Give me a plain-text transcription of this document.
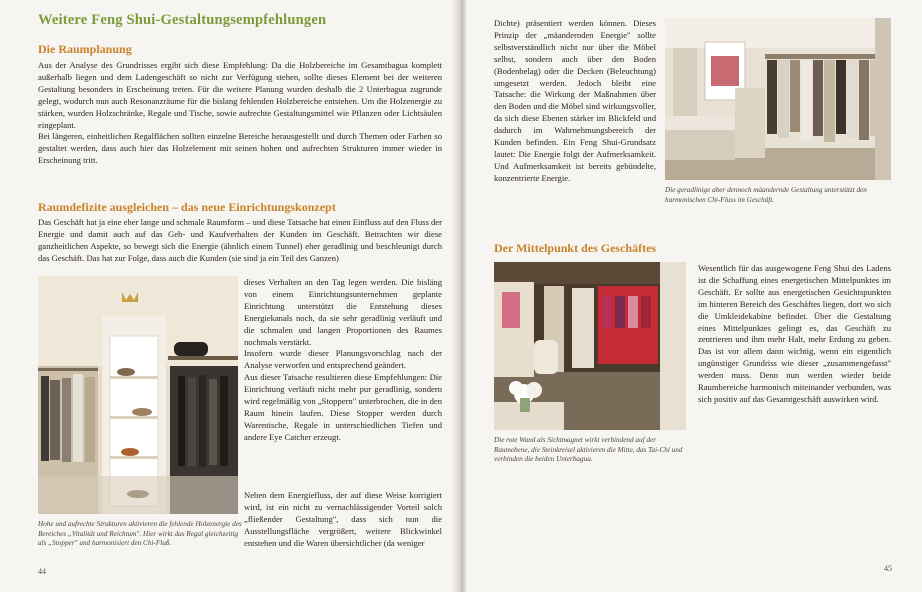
Weitere Feng Shui-Gestaltungsempfehlungen
Die Raumplanung

Aus der Analyse des Grundrisses ergibt sich diese Empfehlung: Da die Holzbereiche im Gesamtbagua komplett außerhalb liegen und dem Ladengeschäft so nicht zur Verfügung stehen, sollte dieses Element bei der weiteren Gestaltung besonders in Erscheinung treten. Für die weitere Planung wurden deshalb die 2 Unterbagua zugrunde gelegt, wodurch nun auch Resonanzräume für die bislang fehlenden Holzbereiche entstehen. Um die Holzenergie zu stärken, wurden Holzschränke, Regale und Tische, sowie aufrechte Gestaltungsmittel wie Pflanzen oder Lichtsäulen eingeplant.

Bei längeren, einheitlichen Regalflächen sollten einzelne Bereiche herausgestellt und durch Themen oder Farben so gestaltet werden, dass auch hier das Holzelement mit seinen hohen und aufrechten Strukturen immer wieder in Erscheinung tritt.

Raumdefizite ausgleichen – das neue Einrichtungskonzept

Das Geschäft hat ja eine eher lange und schmale Raumform – und diese Tatsache hat einen Einfluss auf den Fluss der Energie und damit auch auf das Geh- und Kaufverhalten der Kunden im Geschäft. Betrachten wir diese ganzheitlichen Aspekte, so bewegt sich die Energie (ähnlich einem Tunnel) eher geradlinig und beschleunigt durch das Geschäft. Das hat zur Folge, dass auch die Kunden (sie sind ja ein Teil des Ganzen)

Hohe und aufrechte Strukturen aktivieren die fehlende Holzenergie des Bereiches „Vitalität und Reichtum". Hier wirkt das Regal gleichzeitig als „Stopper" und harmonisiert den Chi-Fluß.

dieses Verhalten an den Tag legen werden. Die bisläng von einem Einrichtungsunternehmen geplante Einrichtung unterstützt die Entstehung dieses Energiekanals noch, da sie sehr geradlinig verläuft und die schmalen und langen Proportionen des Raumes nochmals verstärkt.

Insofern wurde dieser Planungsvorschlag nach der Analyse verworfen und entsprechend geändert.

Aus dieser Tatsache resultieren diese Empfehlungen: Die Einrichtung verläuft nicht mehr pur geradlinig, sondern wird regelmäßig von „Stoppern" unterbrochen, die in den Raum hinein laufen. Diese Stopper werden durch Warentische, Regale in unterschiedlichen Tiefen und andere Eye Catcher erzeugt.

Neben dem Energiefluss, der auf diese Weise korrigiert wird, ist ein nicht zu vernachlässigender Vorteil solch „fließender Gestaltung", dass sich nun die Ausstellungsfläche vergrößert, weitere Blickwinkel entstehen und die Waren übersichtlicher (da weniger

44

Dichte) präsentiert werden können. Dieses Prinzip der „mäandernden Energie" sollte selbstverständlich nicht nur über die Möbel selbst, sondern auch über den Boden (Bodenbelag) oder die Decken (Beleuchtung) umgesetzt werden. Jedoch bleibt eine Tatsache: die Wirkung der Maßnahmen über den Boden und die Möbel sind wirkungsvoller, da sich diese Ebenen stärker im Blickfeld und dadurch im Wahrnehmungsbereich der Kunden befinden. Ein Feng Shui-Grundsatz lautet: Die Energie folgt der Aufmerksamkeit. Und Aufmerksamkeit ist bereits gebündelte, konzentrierte Energie.

Die geradlinige aber dennoch mäandernde Gestaltung unterstützt den harmonischen Chi-Fluss im Geschäft.
Der Mittelpunkt des Geschäftes
Die rote Wand als Sichtmagnet wirkt verbindend auf der Raumebene, die Steinkreisel aktivieren die Mitte, das Tai-Chi und verbinden die beiden Unterbagua.

Wesentlich für das ausgewogene Feng Shui des Ladens ist die Schaffung eines energetischen Mittelpunktes im Geschäft. Er sollte aus energetischen Gesichtspunkten im hinteren Bereich des Geschäftes liegen, dort wo sich die Umkleidekabine befindet. Über die Gestaltung eines Mittelpunktes gelingt es, das Geschäft zu zentrieren und ihm mehr Halt, mehr Erdung zu geben. Das ist vor allem dann wichtig, wenn ein eigentlich ungünstiger Grundriss wie dieser „zusammengefasst" werden muss. Denn nun werden wieder beide Raumbereiche harmonisch miteinander verbunden, was sich positiv auf das Gesamtgeschäft auswirken wird.

45
